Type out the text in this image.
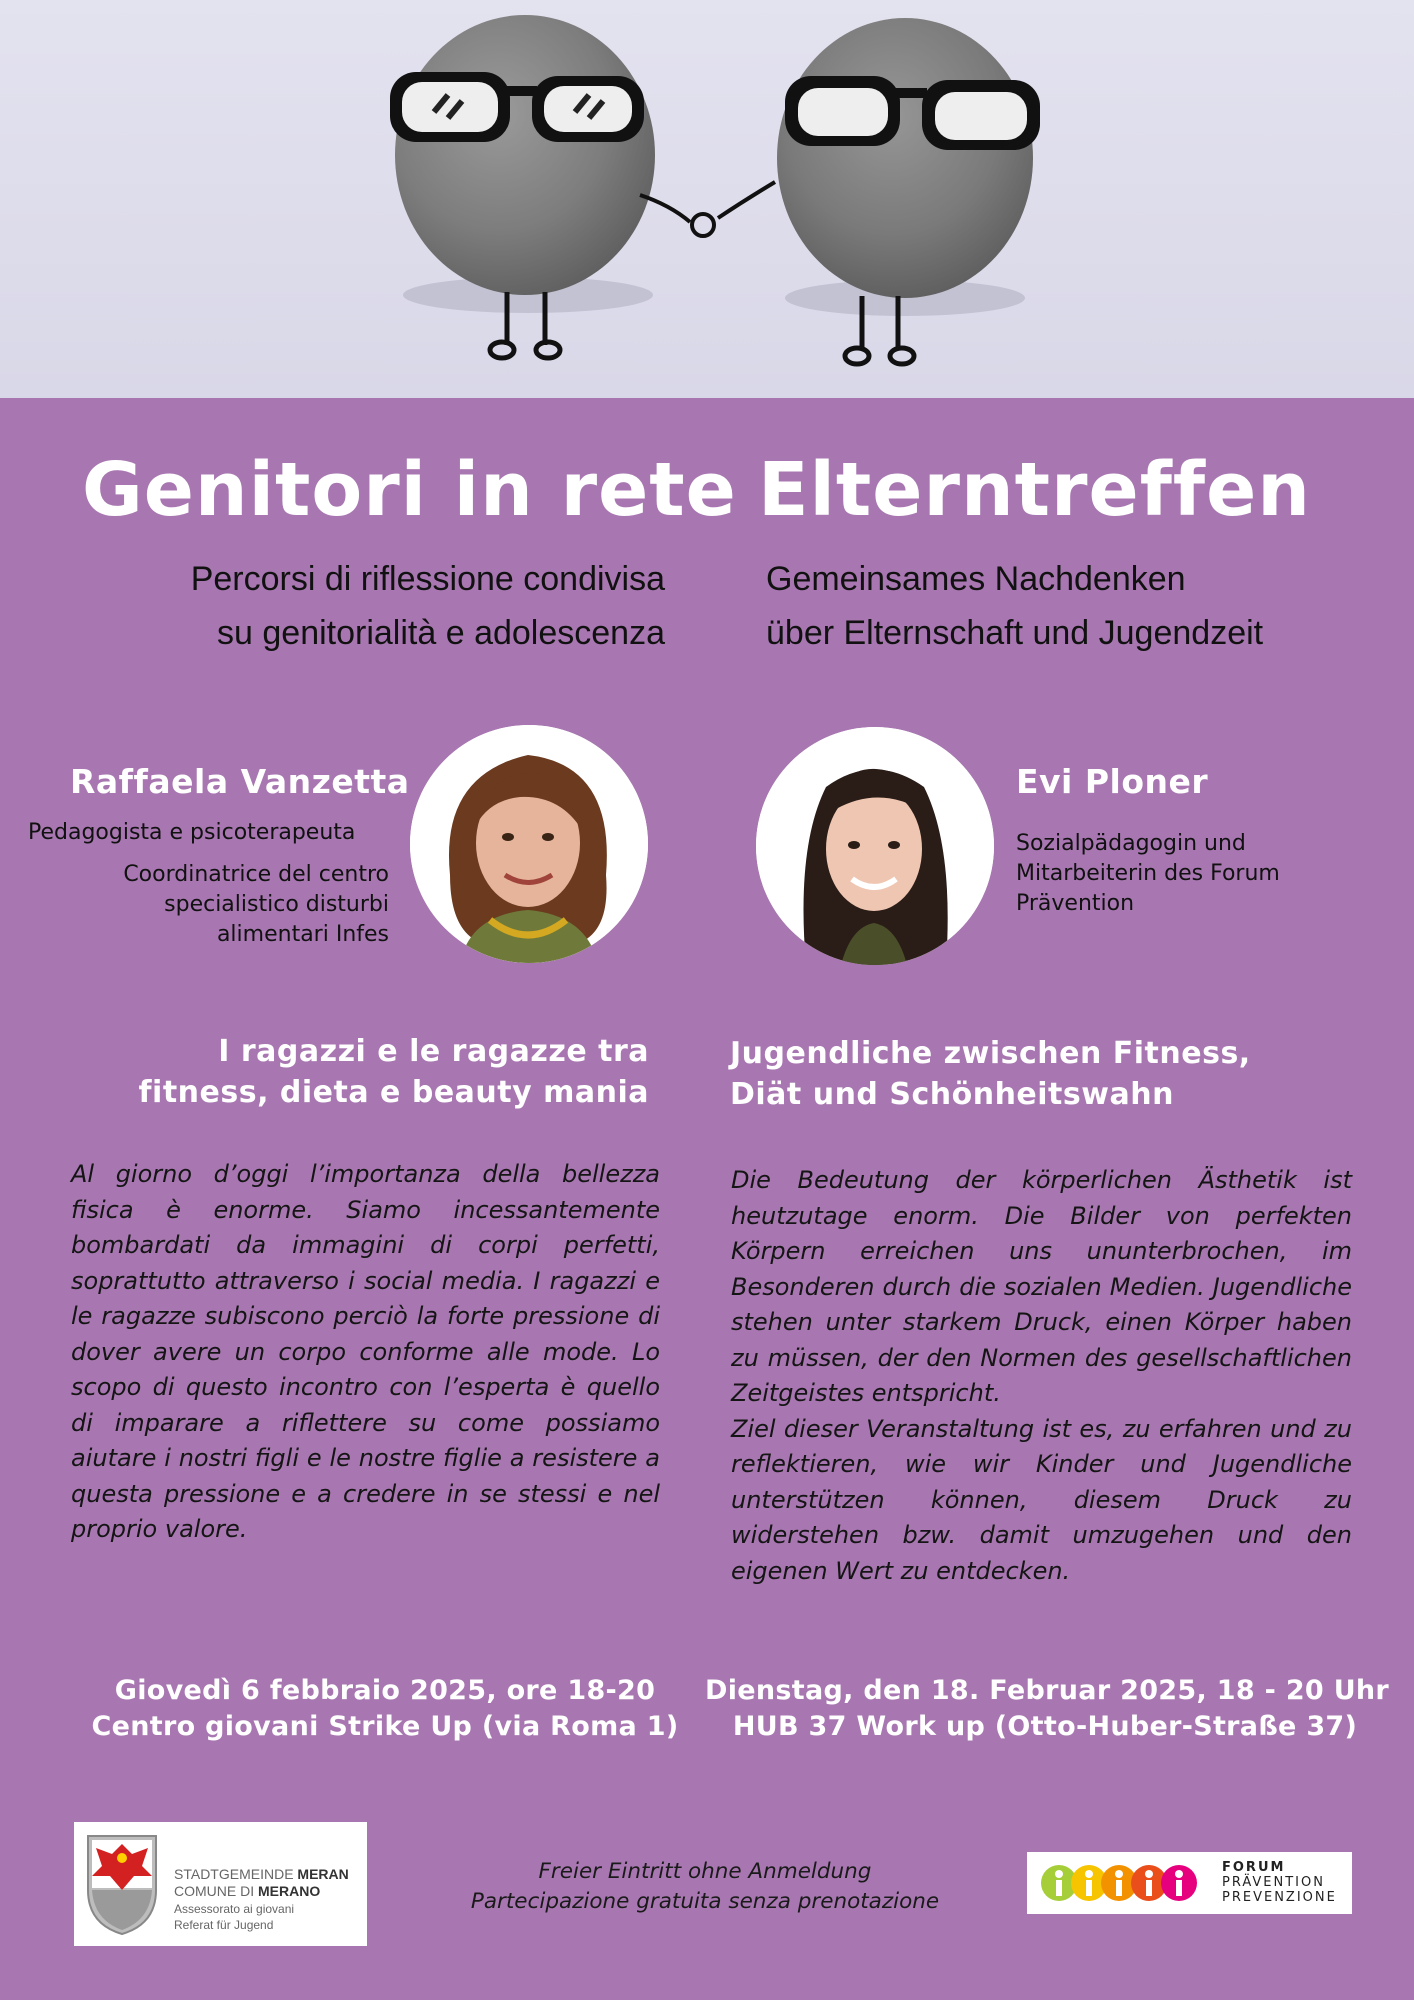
Genitori in rete Elterntreffen
Percorsi di riflessione condivisa
su genitorialità e adolescenza
Gemeinsames Nachdenken
über Elternschaft und Jugendzeit
Raffaela Vanzetta
Pedagogista e psicoterapeuta
Coordinatrice del centro
specialistico disturbi
alimentari Infes
Evi Ploner
Sozialpädagogin und
Mitarbeiterin des Forum
Prävention
I ragazzi e le ragazze tra
fitness, dieta e beauty mania
Jugendliche zwischen Fitness,
Diät und Schönheitswahn
Al giorno d’oggi l’importanza della bellezza fisica è enorme. Siamo incessantemente bombardati da immagini di corpi perfetti, soprattutto attraverso i social media. I ragazzi e le ragazze subiscono perciò la forte pressione di dover avere un corpo conforme alle mode. Lo scopo di questo incontro con l’esperta è quello di imparare a riflettere su come possiamo aiutare i nostri figli e le nostre figlie a resistere a questa pressione e a credere in se stessi e nel proprio valore.
Die Bedeutung der körperlichen Ästhetik ist heutzutage enorm. Die Bilder von perfekten Körpern erreichen uns ununterbrochen, im Besonderen durch die sozialen Medien. Jugendliche stehen unter starkem Druck, einen Körper haben zu müssen, der den Normen des gesellschaftlichen Zeitgeistes entspricht.
Ziel dieser Veranstaltung ist es, zu erfahren und zu reflektieren, wie wir Kinder und Jugendliche unterstützen können, diesem Druck zu widerstehen bzw. damit umzugehen und den eigenen Wert zu entdecken.
Giovedì 6 febbraio 2025, ore 18-20
Centro giovani Strike Up (via Roma 1)
Dienstag, den 18. Februar 2025, 18 - 20 Uhr
HUB 37 Work up (Otto-Huber-Straße 37)
STADTGEMEINDE MERAN
COMUNE DI MERANO
Assessorato ai giovani
Referat für Jugend
Freier Eintritt ohne Anmeldung
Partecipazione gratuita senza prenotazione
FORUM
PRÄVENTION
PREVENZIONE
